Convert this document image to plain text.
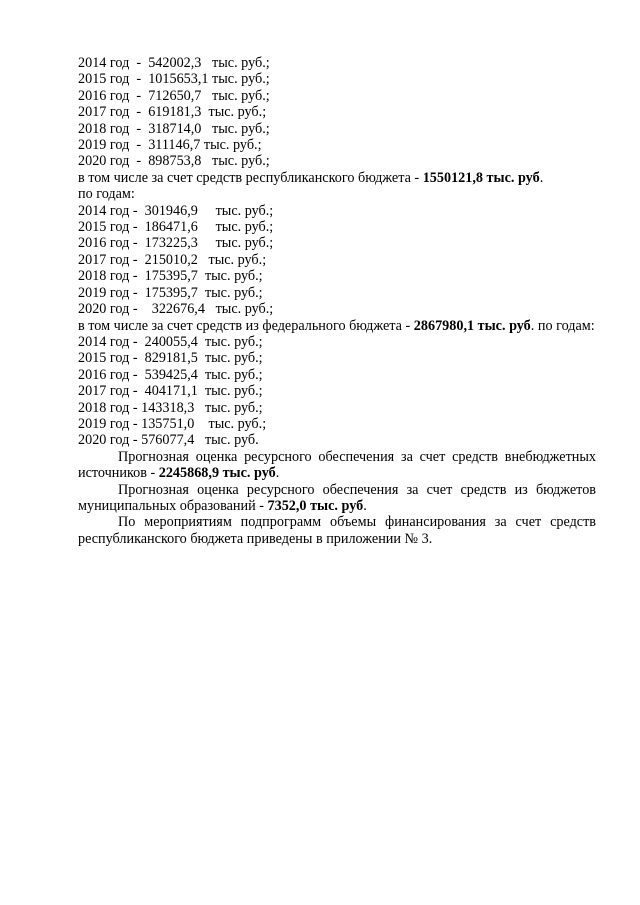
2014 год  -  542002,3   тыс. руб.;
2015 год  -  1015653,1 тыс. руб.;
2016 год  -  712650,7   тыс. руб.;
2017 год  -  619181,3  тыс. руб.;
2018 год  -  318714,0   тыс. руб.;
2019 год  -  311146,7 тыс. руб.;
2020 год  -  898753,8   тыс. руб.;
в том числе за счет средств республиканского бюджета - 1550121,8 тыс. руб.
по годам:
2014 год -  301946,9     тыс. руб.;
2015 год -  186471,6     тыс. руб.;
2016 год -  173225,3     тыс. руб.;
2017 год -  215010,2   тыс. руб.;
2018 год -  175395,7  тыс. руб.;
2019 год -  175395,7  тыс. руб.;
2020 год -    322676,4   тыс. руб.;
в том числе за счет средств из федерального бюджета - 2867980,1 тыс. руб. по годам:
2014 год -  240055,4  тыс. руб.;
2015 год -  829181,5  тыс. руб.;
2016 год -  539425,4  тыс. руб.;
2017 год -  404171,1  тыс. руб.;
2018 год - 143318,3   тыс. руб.;
2019 год - 135751,0    тыс. руб.;
2020 год - 576077,4   тыс. руб.
Прогнозная оценка ресурсного обеспечения за счет средств внебюджетных источников - 2245868,9 тыс. руб.
Прогнозная оценка ресурсного обеспечения за счет средств из бюджетов муниципальных образований - 7352,0 тыс. руб.
По мероприятиям подпрограмм объемы финансирования за счет средств республиканского бюджета приведены в приложении № 3.
